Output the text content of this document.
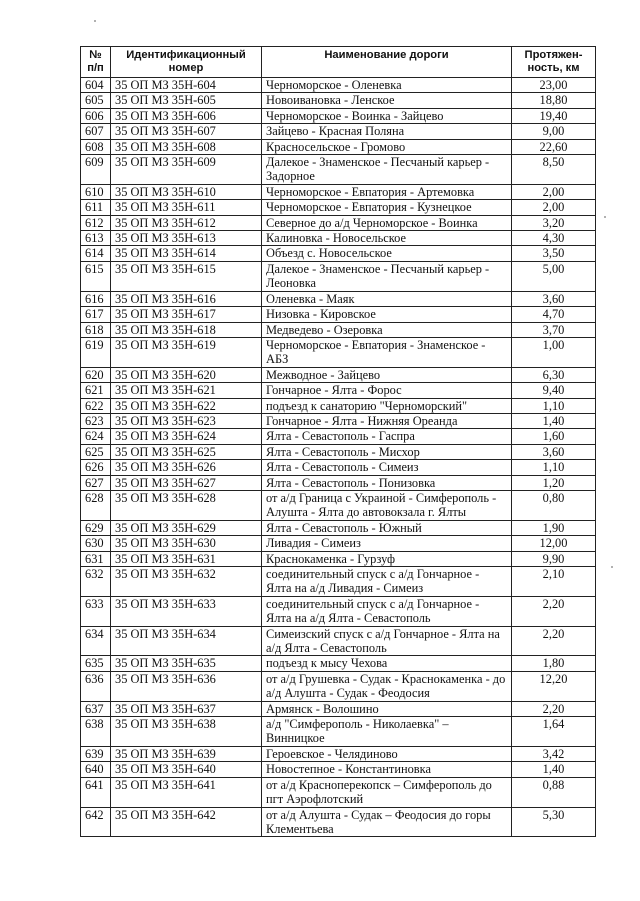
№ п/п	Идентификационный номер	Наименование дороги	Протяжен-ность, км
604	35 ОП МЗ 35Н-604	Черноморское - Оленевка	23,00
605	35 ОП МЗ 35Н-605	Новоивановка - Ленское	18,80
606	35 ОП МЗ 35Н-606	Черноморское - Воинка - Зайцево	19,40
607	35 ОП МЗ 35Н-607	Зайцево - Красная Поляна	9,00
608	35 ОП МЗ 35Н-608	Красносельское - Громово	22,60
609	35 ОП МЗ 35Н-609	Далекое - Знаменское - Песчаный карьер - Задорное	8,50
610	35 ОП МЗ 35Н-610	Черноморское - Евпатория - Артемовка	2,00
611	35 ОП МЗ 35Н-611	Черноморское - Евпатория - Кузнецкое	2,00
612	35 ОП МЗ 35Н-612	Северное до а/д Черноморское - Воинка	3,20
613	35 ОП МЗ 35Н-613	Калиновка - Новосельское	4,30
614	35 ОП МЗ 35Н-614	Объезд с. Новосельское	3,50
615	35 ОП МЗ 35Н-615	Далекое - Знаменское - Песчаный карьер - Леоновка	5,00
616	35 ОП МЗ 35Н-616	Оленевка - Маяк	3,60
617	35 ОП МЗ 35Н-617	Низовка - Кировское	4,70
618	35 ОП МЗ 35Н-618	Медведево - Озеровка	3,70
619	35 ОП МЗ 35Н-619	Черноморское - Евпатория - Знаменское - АБЗ	1,00
620	35 ОП МЗ 35Н-620	Межводное - Зайцево	6,30
621	35 ОП МЗ 35Н-621	Гончарное - Ялта - Форос	9,40
622	35 ОП МЗ 35Н-622	подъезд к санаторию "Черноморский"	1,10
623	35 ОП МЗ 35Н-623	Гончарное - Ялта - Нижняя Ореанда	1,40
624	35 ОП МЗ 35Н-624	Ялта - Севастополь - Гаспра	1,60
625	35 ОП МЗ 35Н-625	Ялта - Севастополь - Мисхор	3,60
626	35 ОП МЗ 35Н-626	Ялта - Севастополь - Симеиз	1,10
627	35 ОП МЗ 35Н-627	Ялта - Севастополь - Понизовка	1,20
628	35 ОП МЗ 35Н-628	от а/д Граница с Украиной - Симферополь - Алушта - Ялта до автовокзала г. Ялты	0,80
629	35 ОП МЗ 35Н-629	Ялта - Севастополь - Южный	1,90
630	35 ОП МЗ 35Н-630	Ливадия - Симеиз	12,00
631	35 ОП МЗ 35Н-631	Краснокаменка - Гурзуф	9,90
632	35 ОП МЗ 35Н-632	соединительный спуск с а/д Гончарное - Ялта на а/д Ливадия - Симеиз	2,10
633	35 ОП МЗ 35Н-633	соединительный спуск с а/д Гончарное - Ялта на а/д Ялта - Севастополь	2,20
634	35 ОП МЗ 35Н-634	Симеизский спуск с а/д Гончарное - Ялта на а/д Ялта - Севастополь	2,20
635	35 ОП МЗ 35Н-635	подъезд к мысу Чехова	1,80
636	35 ОП МЗ 35Н-636	от а/д Грушевка - Судак - Краснокаменка - до а/д Алушта - Судак - Феодосия	12,20
637	35 ОП МЗ 35Н-637	Армянск - Волошино	2,20
638	35 ОП МЗ 35Н-638	а/д "Симферополь - Николаевка" – Винницкое	1,64
639	35 ОП МЗ 35Н-639	Героевское - Челядиново	3,42
640	35 ОП МЗ 35Н-640	Новостепное - Константиновка	1,40
641	35 ОП МЗ 35Н-641	от а/д Красноперекопск – Симферополь до пгт Аэрофлотский	0,88
642	35 ОП МЗ 35Н-642	от а/д Алушта - Судак – Феодосия до горы Клементьева	5,30
